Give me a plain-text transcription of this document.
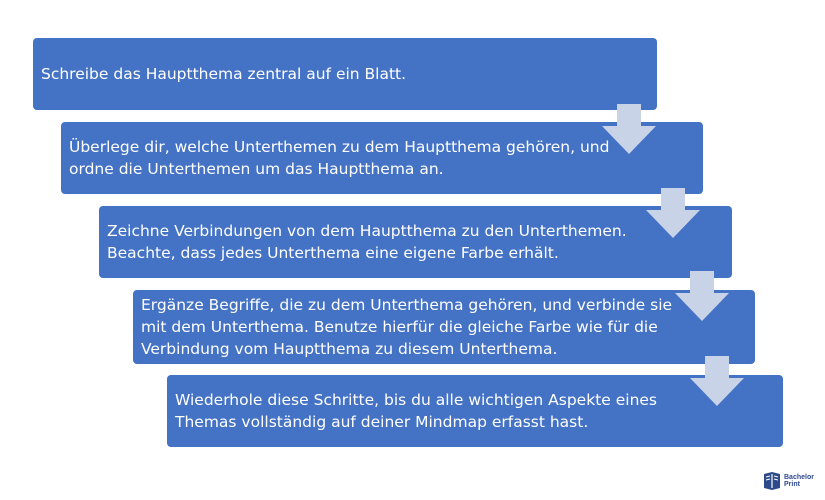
Schreibe das Hauptthema zentral auf ein Blatt.
Überlege dir, welche Unterthemen zu dem Hauptthema gehören, und
ordne die Unterthemen um das Hauptthema an.
Zeichne Verbindungen von dem Hauptthema zu den Unterthemen.
Beachte, dass jedes Unterthema eine eigene Farbe erhält.
Ergänze Begriffe, die zu dem Unterthema gehören, und verbinde sie
mit dem Unterthema. Benutze hierfür die gleiche Farbe wie für die
Verbindung vom Hauptthema zu diesem Unterthema.
Wiederhole diese Schritte, bis du alle wichtigen Aspekte eines
Themas vollständig auf deiner Mindmap erfasst hast.
Bachelor
Print
